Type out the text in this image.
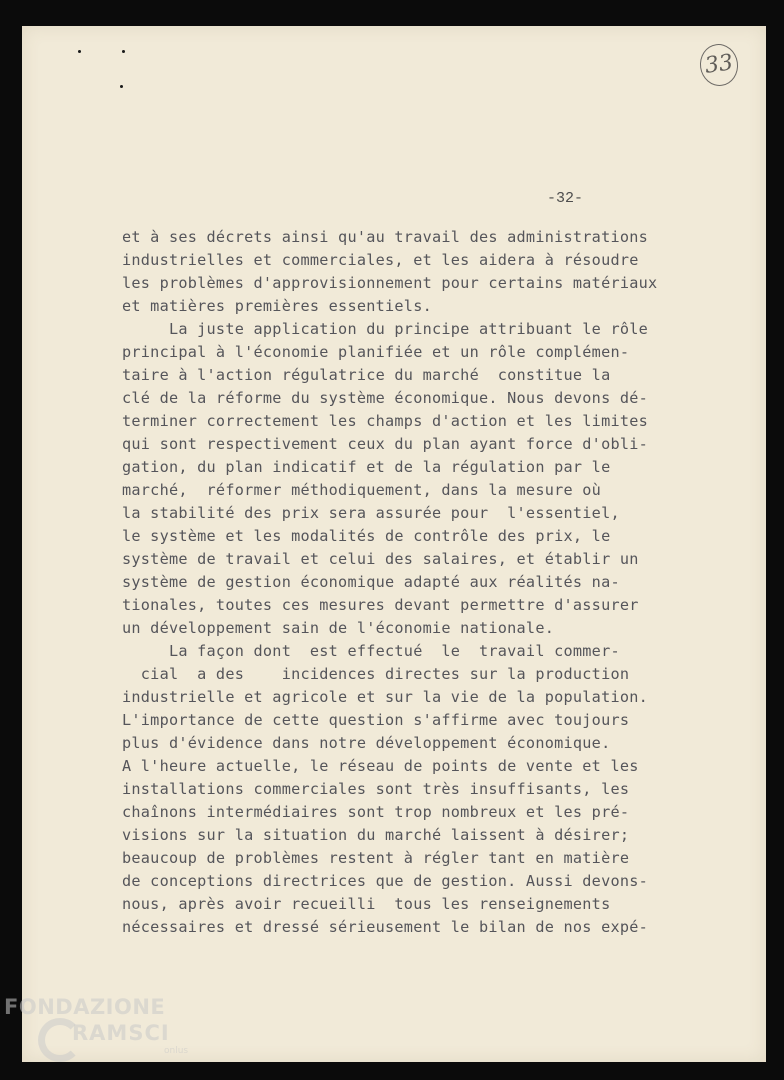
33
-32-
et à ses décrets ainsi qu'au travail des administrations
industrielles et commerciales, et les aidera à résoudre
les problèmes d'approvisionnement pour certains matériaux
et matières premières essentiels.
La juste application du principe attribuant le rôle
principal à l'économie planifiée et un rôle complémen-
taire à l'action régulatrice du marché  constitue la
clé de la réforme du système économique. Nous devons dé-
terminer correctement les champs d'action et les limites
qui sont respectivement ceux du plan ayant force d'obli-
gation, du plan indicatif et de la régulation par le
marché,  réformer méthodiquement, dans la mesure où
la stabilité des prix sera assurée pour  l'essentiel,
le système et les modalités de contrôle des prix, le
système de travail et celui des salaires, et établir un
système de gestion économique adapté aux réalités na-
tionales, toutes ces mesures devant permettre d'assurer
un développement sain de l'économie nationale.
La façon dont  est effectué  le  travail commer-
cial  a des    incidences directes sur la production
industrielle et agricole et sur la vie de la population.
L'importance de cette question s'affirme avec toujours
plus d'évidence dans notre développement économique.
A l'heure actuelle, le réseau de points de vente et les
installations commerciales sont très insuffisants, les
chaînons intermédiaires sont trop nombreux et les pré-
visions sur la situation du marché laissent à désirer;
beaucoup de problèmes restent à régler tant en matière
de conceptions directrices que de gestion. Aussi devons-
nous, après avoir recueilli  tous les renseignements
nécessaires et dressé sérieusement le bilan de nos expé-
FONDAZIONE
RAMSCI
onlus
